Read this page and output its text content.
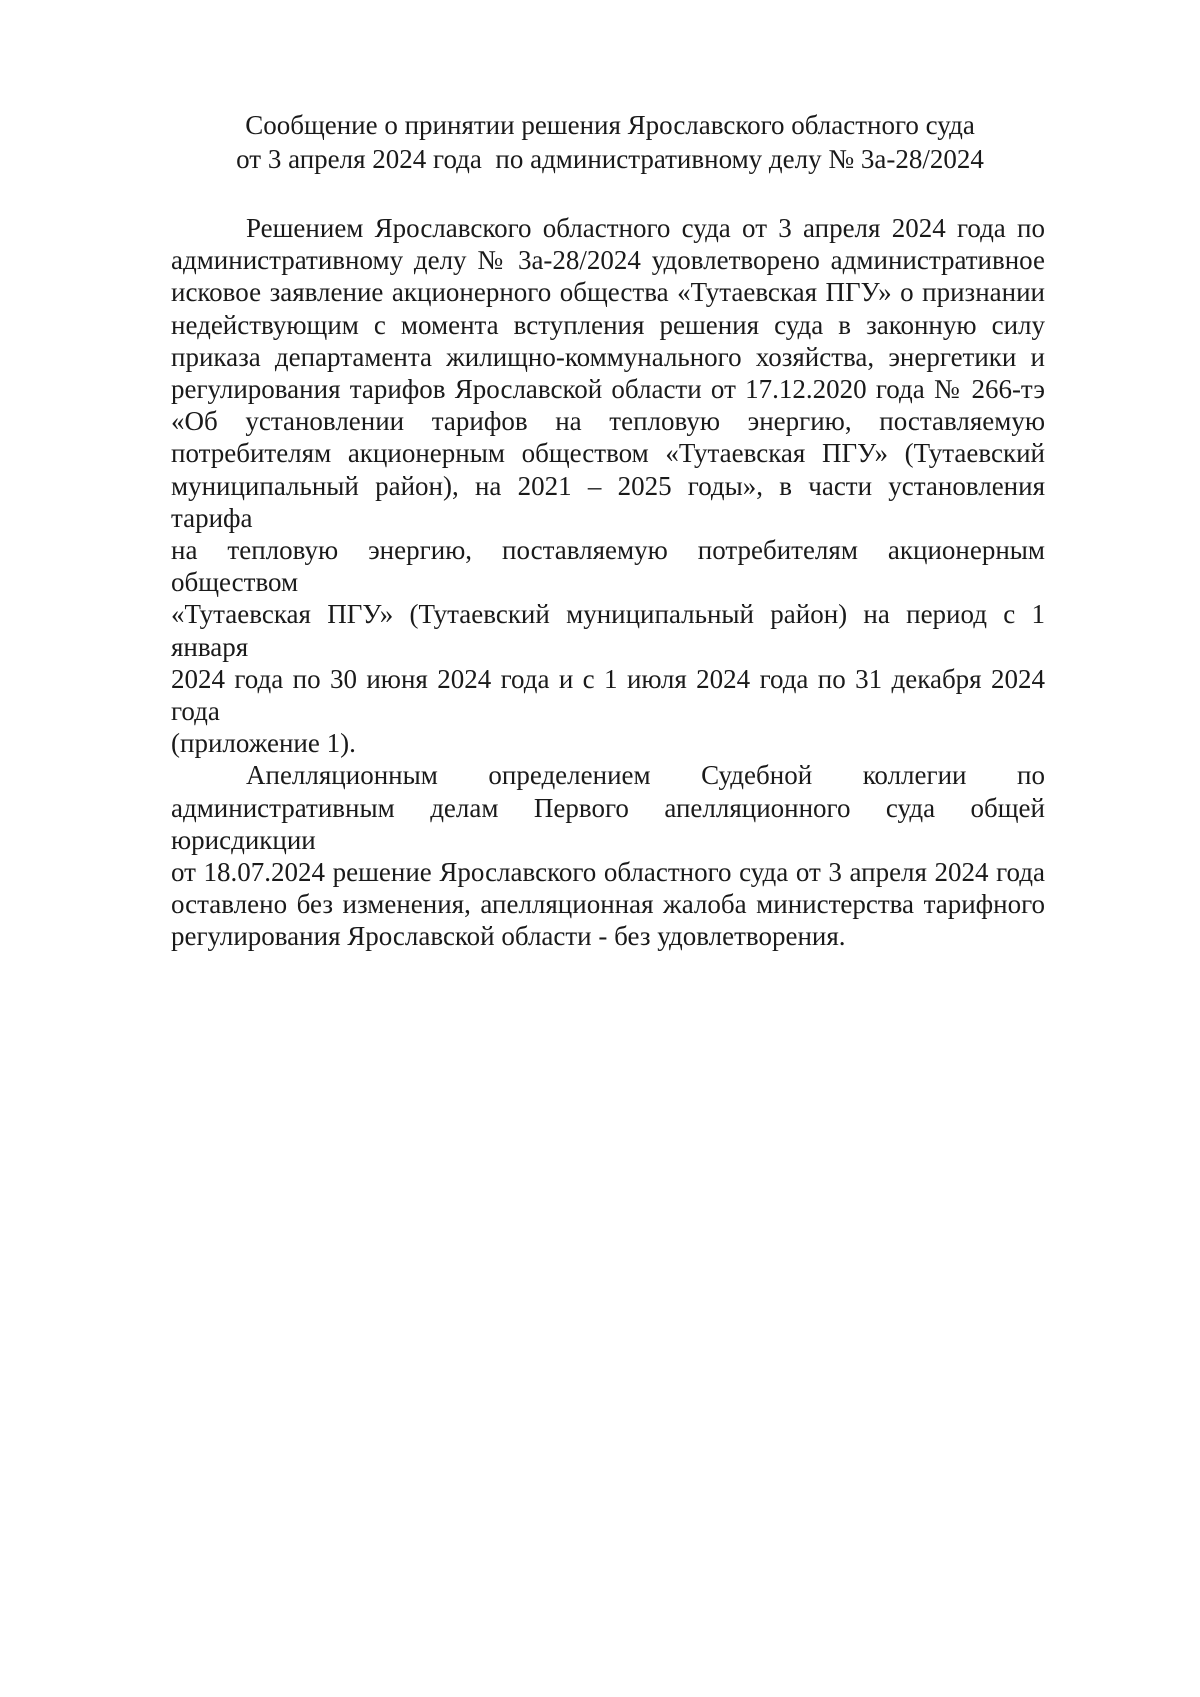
Сообщение о принятии решения Ярославского областного суда
от 3 апреля 2024 года  по административному делу № 3а-28/2024
Решением Ярославского областного суда от 3 апреля 2024 года по
административному делу № 3а-28/2024 удовлетворено административное
исковое заявление акционерного общества «Тутаевская ПГУ» о признании
недействующим с момента вступления решения суда в законную силу
приказа департамента жилищно-коммунального хозяйства, энергетики и
регулирования тарифов Ярославской области от 17.12.2020 года № 266-тэ
«Об установлении тарифов на тепловую энергию, поставляемую
потребителям акционерным обществом «Тутаевская ПГУ» (Тутаевский
муниципальный район), на 2021 – 2025 годы», в части установления тарифа
на тепловую энергию, поставляемую потребителям акционерным обществом
«Тутаевская ПГУ» (Тутаевский муниципальный район) на период с 1 января
2024 года по 30 июня 2024 года и с 1 июля 2024 года по 31 декабря 2024 года
(приложение 1).
Апелляционным определением Судебной коллегии по
административным делам Первого апелляционного суда общей юрисдикции
от 18.07.2024 решение Ярославского областного суда от 3 апреля 2024 года
оставлено без изменения, апелляционная жалоба министерства тарифного
регулирования Ярославской области - без удовлетворения.
